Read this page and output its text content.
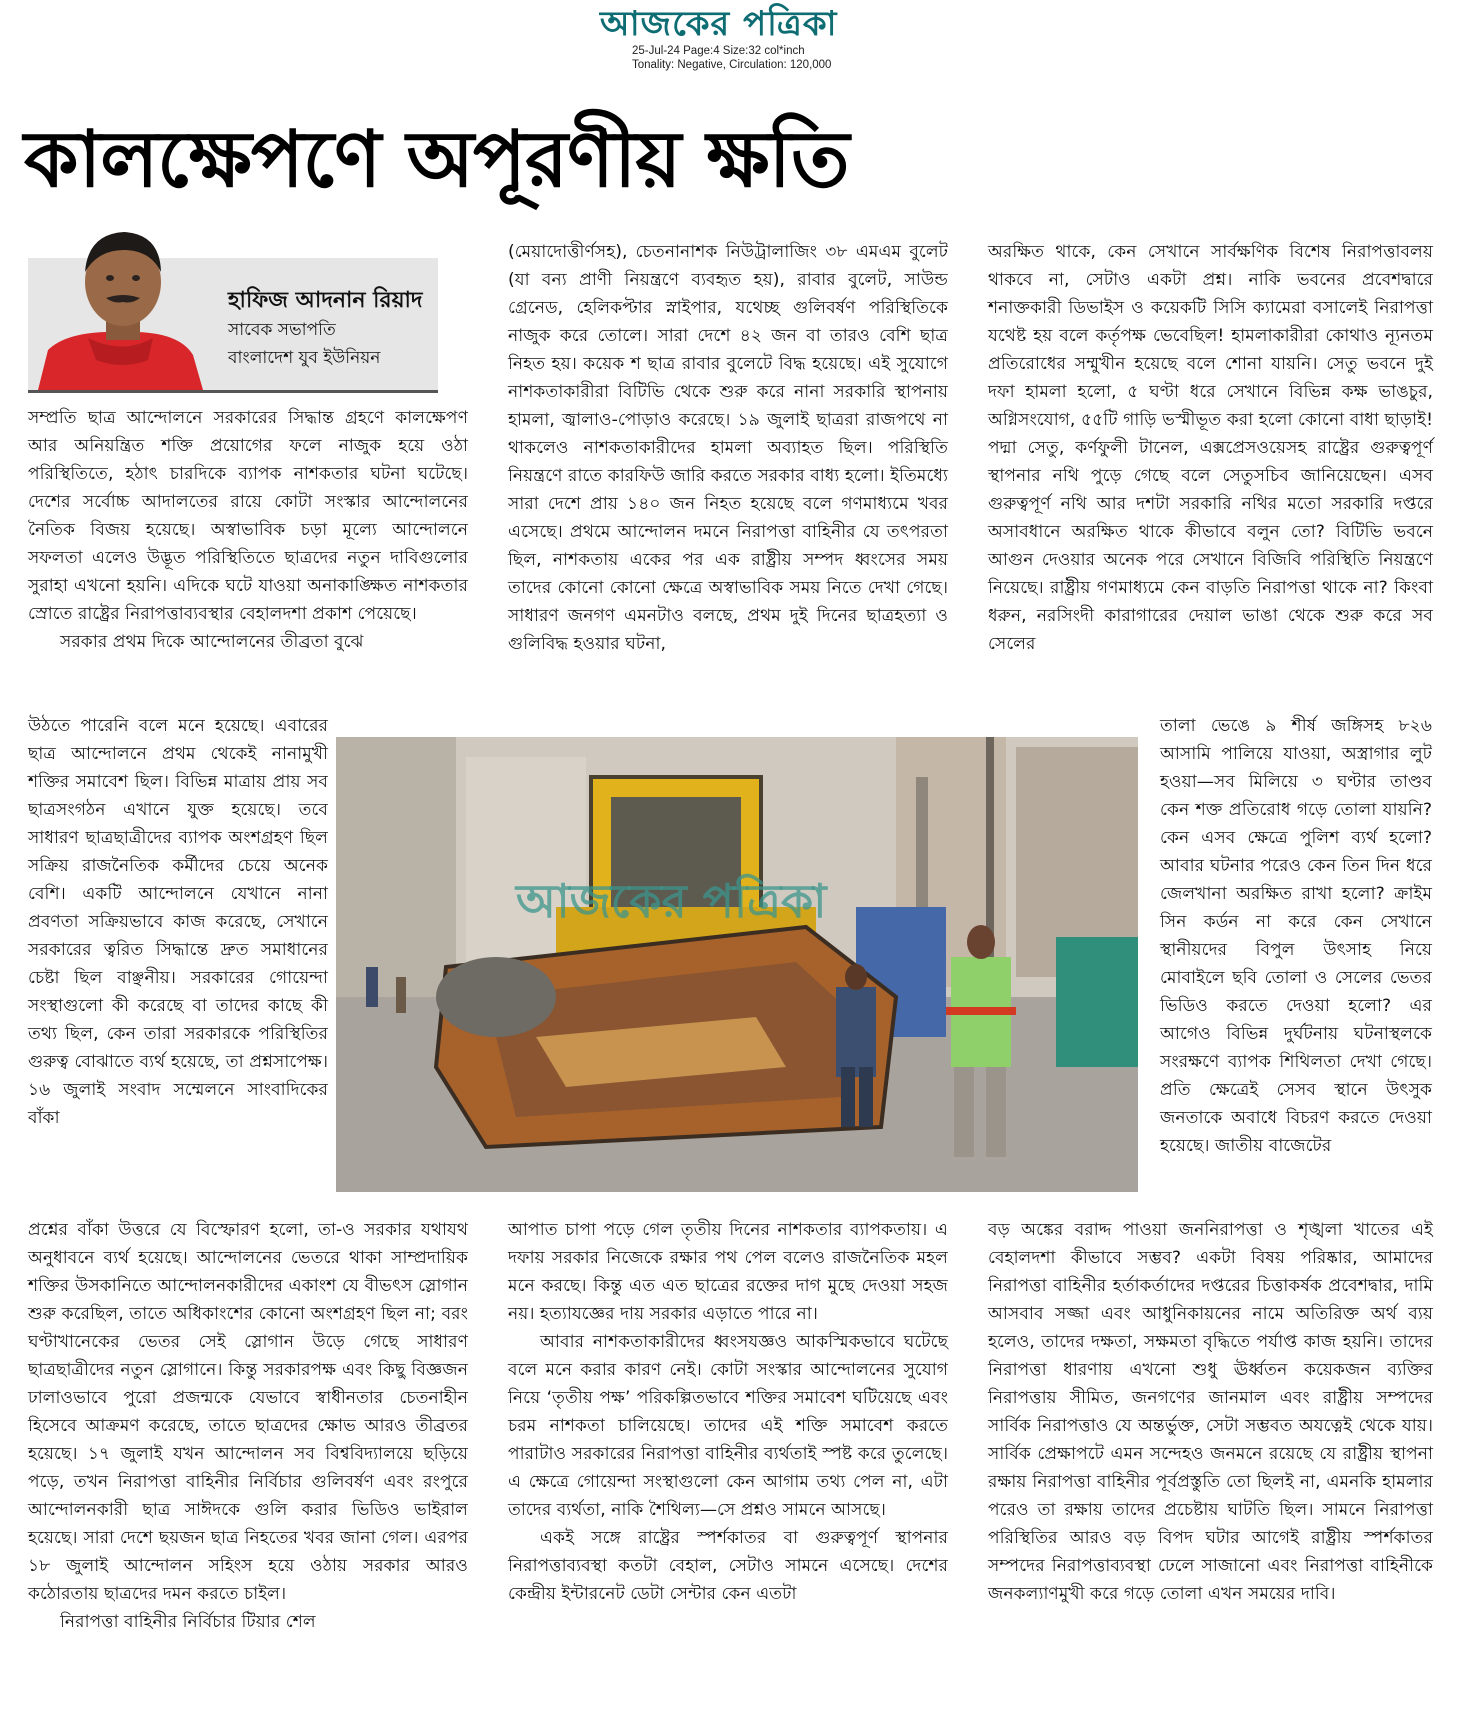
আজকের পত্রিকা
25-Jul-24 Page:4 Size:32 col*inch
Tonality: Negative, Circulation: 120,000
কালক্ষেপণে অপূরণীয় ক্ষতি
হাফিজ আদনান রিয়াদ
সাবেক সভাপতি
বাংলাদেশ যুব ইউনিয়ন

সম্প্রতি ছাত্র আন্দোলনে সরকারের সিদ্ধান্ত গ্রহণে কালক্ষেপণ আর অনিয়ন্ত্রিত শক্তি প্রয়োগের ফলে নাজুক হয়ে ওঠা পরিস্থিতিতে, হঠাৎ চারদিকে ব্যাপক নাশকতার ঘটনা ঘটেছে। দেশের সর্বোচ্চ আদালতের রায়ে কোটা সংস্কার আন্দোলনের নৈতিক বিজয় হয়েছে। অস্বাভাবিক চড়া মূল্যে আন্দোলনে সফলতা এলেও উদ্ভূত পরিস্থিতিতে ছাত্রদের নতুন দাবিগুলোর সুরাহা এখনো হয়নি। এদিকে ঘটে যাওয়া অনাকাঙ্ক্ষিত নাশকতার স্রোতে রাষ্ট্রের নিরাপত্তাব্যবস্থার বেহালদশা প্রকাশ পেয়েছে।

সরকার প্রথম দিকে আন্দোলনের তীব্রতা বুঝে

উঠতে পারেনি বলে মনে হয়েছে। এবারের ছাত্র আন্দোলনে প্রথম থেকেই নানামুখী শক্তির সমাবেশ ছিল। বিভিন্ন মাত্রায় প্রায় সব ছাত্রসংগঠন এখানে যুক্ত হয়েছে। তবে সাধারণ ছাত্রছাত্রীদের ব্যাপক অংশগ্রহণ ছিল সক্রিয় রাজনৈতিক কর্মীদের চেয়ে অনেক বেশি। একটি আন্দোলনে যেখানে নানা প্রবণতা সক্রিয়ভাবে কাজ করেছে, সেখানে সরকারের ত্বরিত সিদ্ধান্তে দ্রুত সমাধানের চেষ্টা ছিল বাঞ্ছনীয়। সরকারের গোয়েন্দা সংস্থাগুলো কী করেছে বা তাদের কাছে কী তথ্য ছিল, কেন তারা সরকারকে পরিস্থিতির গুরুত্ব বোঝাতে ব্যর্থ হয়েছে, তা প্রশ্নসাপেক্ষ। ১৬ জুলাই সংবাদ সম্মেলনে সাংবাদিকের বাঁকা

প্রশ্নের বাঁকা উত্তরে যে বিস্ফোরণ হলো, তা-ও সরকার যথাযথ অনুধাবনে ব্যর্থ হয়েছে। আন্দোলনের ভেতরে থাকা সাম্প্রদায়িক শক্তির উসকানিতে আন্দোলনকারীদের একাংশ যে বীভৎস স্লোগান শুরু করেছিল, তাতে অধিকাংশের কোনো অংশগ্রহণ ছিল না; বরং ঘণ্টাখানেকের ভেতর সেই স্লোগান উড়ে গেছে সাধারণ ছাত্রছাত্রীদের নতুন স্লোগানে। কিন্তু সরকারপক্ষ এবং কিছু বিজ্ঞজন ঢালাওভাবে পুরো প্রজন্মকে যেভাবে স্বাধীনতার চেতনাহীন হিসেবে আক্রমণ করেছে, তাতে ছাত্রদের ক্ষোভ আরও তীব্রতর হয়েছে। ১৭ জুলাই যখন আন্দোলন সব বিশ্ববিদ্যালয়ে ছড়িয়ে পড়ে, তখন নিরাপত্তা বাহিনীর নির্বিচার গুলিবর্ষণ এবং রংপুরে আন্দোলনকারী ছাত্র সাঈদকে গুলি করার ভিডিও ভাইরাল হয়েছে। সারা দেশে ছয়জন ছাত্র নিহতের খবর জানা গেল। এরপর ১৮ জুলাই আন্দোলন সহিংস হয়ে ওঠায় সরকার আরও কঠোরতায় ছাত্রদের দমন করতে চাইল।

নিরাপত্তা বাহিনীর নির্বিচার টিয়ার শেল

(মেয়াদোত্তীর্ণসহ), চেতনানাশক নিউট্রালাজিং ৩৮ এমএম বুলেট (যা বন্য প্রাণী নিয়ন্ত্রণে ব্যবহৃত হয়), রাবার বুলেট, সাউন্ড গ্রেনেড, হেলিকপ্টার স্নাইপার, যথেচ্ছ গুলিবর্ষণ পরিস্থিতিকে নাজুক করে তোলে। সারা দেশে ৪২ জন বা তারও বেশি ছাত্র নিহত হয়। কয়েক শ ছাত্র রাবার বুলেটে বিদ্ধ হয়েছে। এই সুযোগে নাশকতাকারীরা বিটিভি থেকে শুরু করে নানা সরকারি স্থাপনায় হামলা, জ্বালাও-পোড়াও করেছে। ১৯ জুলাই ছাত্ররা রাজপথে না থাকলেও নাশকতাকারীদের হামলা অব্যাহত ছিল। পরিস্থিতি নিয়ন্ত্রণে রাতে কারফিউ জারি করতে সরকার বাধ্য হলো। ইতিমধ্যে সারা দেশে প্রায় ১৪০ জন নিহত হয়েছে বলে গণমাধ্যমে খবর এসেছে। প্রথমে আন্দোলন দমনে নিরাপত্তা বাহিনীর যে তৎপরতা ছিল, নাশকতায় একের পর এক রাষ্ট্রীয় সম্পদ ধ্বংসের সময় তাদের কোনো কোনো ক্ষেত্রে অস্বাভাবিক সময় নিতে দেখা গেছে। সাধারণ জনগণ এমনটাও বলছে, প্রথম দুই দিনের ছাত্রহত্যা ও গুলিবিদ্ধ হওয়ার ঘটনা,

আপাত চাপা পড়ে গেল তৃতীয় দিনের নাশকতার ব্যাপকতায়। এ দফায় সরকার নিজেকে রক্ষার পথ পেল বলেও রাজনৈতিক মহল মনে করছে। কিন্তু এত এত ছাত্রের রক্তের দাগ মুছে দেওয়া সহজ নয়। হত্যাযজ্ঞের দায় সরকার এড়াতে পারে না।

আবার নাশকতাকারীদের ধ্বংসযজ্ঞও আকস্মিকভাবে ঘটেছে বলে মনে করার কারণ নেই। কোটা সংস্কার আন্দোলনের সুযোগ নিয়ে ‘তৃতীয় পক্ষ’ পরিকল্পিতভাবে শক্তির সমাবেশ ঘটিয়েছে এবং চরম নাশকতা চালিয়েছে। তাদের এই শক্তি সমাবেশ করতে পারাটাও সরকারের নিরাপত্তা বাহিনীর ব্যর্থতাই স্পষ্ট করে তুলেছে। এ ক্ষেত্রে গোয়েন্দা সংস্থাগুলো কেন আগাম তথ্য পেল না, এটা তাদের ব্যর্থতা, নাকি শৈথিল্য—সে প্রশ্নও সামনে আসছে।

একই সঙ্গে রাষ্ট্রের স্পর্শকাতর বা গুরুত্বপূর্ণ স্থাপনার নিরাপত্তাব্যবস্থা কতটা বেহাল, সেটাও সামনে এসেছে। দেশের কেন্দ্রীয় ইন্টারনেট ডেটা সেন্টার কেন এতটা

অরক্ষিত থাকে, কেন সেখানে সার্বক্ষণিক বিশেষ নিরাপত্তাবলয় থাকবে না, সেটাও একটা প্রশ্ন। নাকি ভবনের প্রবেশদ্বারে শনাক্তকারী ডিভাইস ও কয়েকটি সিসি ক্যামেরা বসালেই নিরাপত্তা যথেষ্ট হয় বলে কর্তৃপক্ষ ভেবেছিল! হামলাকারীরা কোথাও ন্যূনতম প্রতিরোধের সম্মুখীন হয়েছে বলে শোনা যায়নি। সেতু ভবনে দুই দফা হামলা হলো, ৫ ঘণ্টা ধরে সেখানে বিভিন্ন কক্ষ ভাঙচুর, অগ্নিসংযোগ, ৫৫টি গাড়ি ভস্মীভূত করা হলো কোনো বাধা ছাড়াই! পদ্মা সেতু, কর্ণফুলী টানেল, এক্সপ্রেসওয়েসহ রাষ্ট্রের গুরুত্বপূর্ণ স্থাপনার নথি পুড়ে গেছে বলে সেতুসচিব জানিয়েছেন। এসব গুরুত্বপূর্ণ নথি আর দশটা সরকারি নথির মতো সরকারি দপ্তরে অসাবধানে অরক্ষিত থাকে কীভাবে বলুন তো? বিটিভি ভবনে আগুন দেওয়ার অনেক পরে সেখানে বিজিবি পরিস্থিতি নিয়ন্ত্রণে নিয়েছে। রাষ্ট্রীয় গণমাধ্যমে কেন বাড়তি নিরাপত্তা থাকে না? কিংবা ধরুন, নরসিংদী কারাগারের দেয়াল ভাঙা থেকে শুরু করে সব সেলের

তালা ভেঙে ৯ শীর্ষ জঙ্গিসহ ৮২৬ আসামি পালিয়ে যাওয়া, অস্ত্রাগার লুট হওয়া—সব মিলিয়ে ৩ ঘণ্টার তাণ্ডব কেন শক্ত প্রতিরোধ গড়ে তোলা যায়নি? কেন এসব ক্ষেত্রে পুলিশ ব্যর্থ হলো? আবার ঘটনার পরেও কেন তিন দিন ধরে জেলখানা অরক্ষিত রাখা হলো? ক্রাইম সিন কর্ডন না করে কেন সেখানে স্থানীয়দের বিপুল উৎসাহ নিয়ে মোবাইলে ছবি তোলা ও সেলের ভেতর ভিডিও করতে দেওয়া হলো? এর আগেও বিভিন্ন দুর্ঘটনায় ঘটনাস্থলকে সংরক্ষণে ব্যাপক শিথিলতা দেখা গেছে। প্রতি ক্ষেত্রেই সেসব স্থানে উৎসুক জনতাকে অবাধে বিচরণ করতে দেওয়া হয়েছে। জাতীয় বাজেটের

বড় অঙ্কের বরাদ্দ পাওয়া জননিরাপত্তা ও শৃঙ্খলা খাতের এই বেহালদশা কীভাবে সম্ভব? একটা বিষয় পরিষ্কার, আমাদের নিরাপত্তা বাহিনীর হর্তাকর্তাদের দপ্তরের চিত্তাকর্ষক প্রবেশদ্বার, দামি আসবাব সজ্জা এবং আধুনিকায়নের নামে অতিরিক্ত অর্থ ব্যয় হলেও, তাদের দক্ষতা, সক্ষমতা বৃদ্ধিতে পর্যাপ্ত কাজ হয়নি। তাদের নিরাপত্তা ধারণায় এখনো শুধু ঊর্ধ্বতন কয়েকজন ব্যক্তির নিরাপত্তায় সীমিত, জনগণের জানমাল এবং রাষ্ট্রীয় সম্পদের সার্বিক নিরাপত্তাও যে অন্তর্ভুক্ত, সেটা সম্ভবত অযত্নেই থেকে যায়। সার্বিক প্রেক্ষাপটে এমন সন্দেহও জনমনে রয়েছে যে রাষ্ট্রীয় স্থাপনা রক্ষায় নিরাপত্তা বাহিনীর পূর্বপ্রস্তুতি তো ছিলই না, এমনকি হামলার পরেও তা রক্ষায় তাদের প্রচেষ্টায় ঘাটতি ছিল। সামনে নিরাপত্তা পরিস্থিতির আরও বড় বিপদ ঘটার আগেই রাষ্ট্রীয় স্পর্শকাতর সম্পদের নিরাপত্তাব্যবস্থা ঢেলে সাজানো এবং নিরাপত্তা বাহিনীকে জনকল্যাণমুখী করে গড়ে তোলা এখন সময়ের দাবি।

আজকের পত্রিকা
